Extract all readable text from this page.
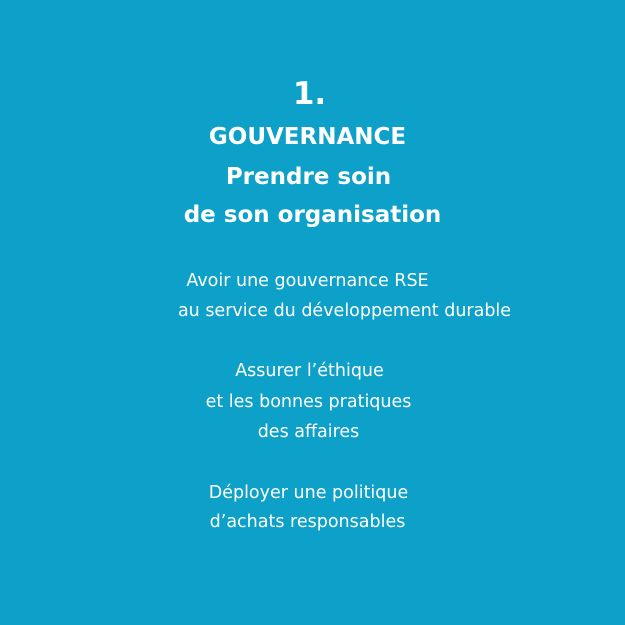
1.

GOUVERNANCE

Prendre soin

de son organisation

Avoir une gouvernance RSE

au service du développement durable

Assurer l’éthique

et les bonnes pratiques

des affaires

Déployer une politique

d’achats responsables
